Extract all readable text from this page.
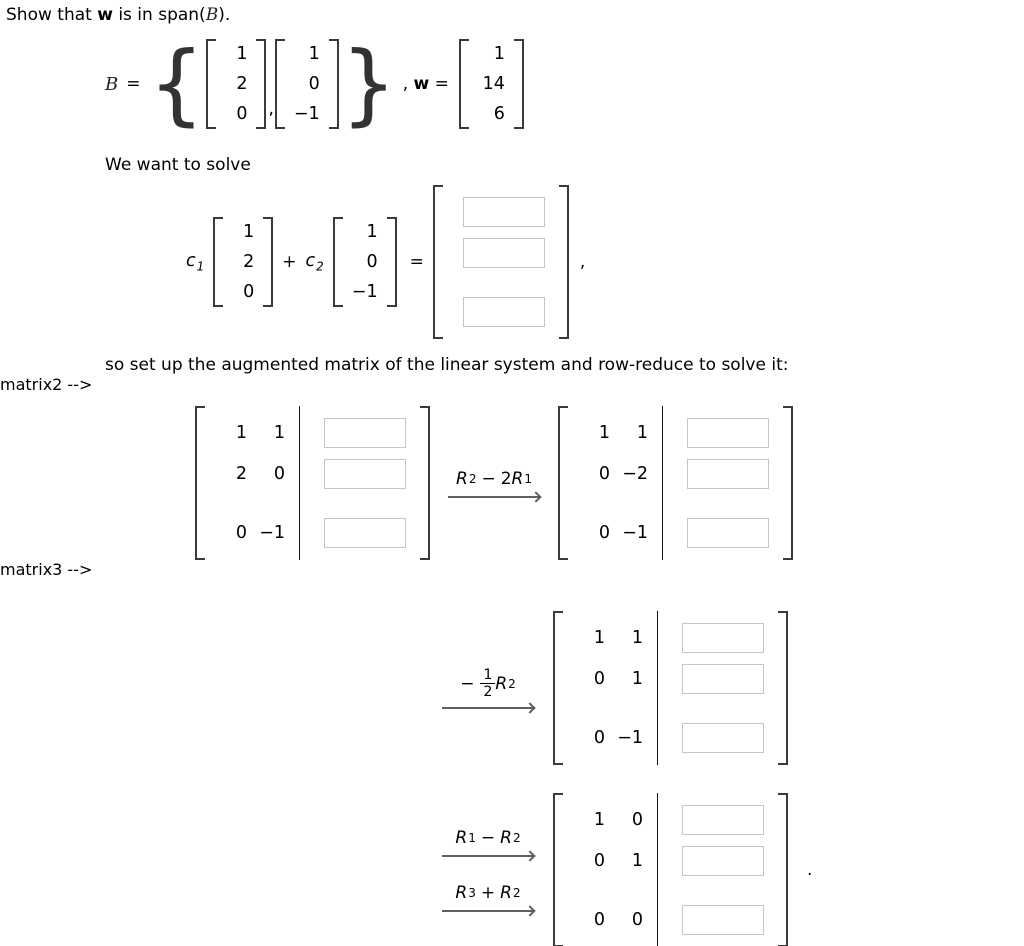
Show that w is in span(B).
B = {	1
2
0 ,
1
0
−1 } , w =
1
14
6
We want to solve
$c_1$
1
2
0
+ $c_2$
1
0
−1
=	,
so set up the augmented matrix of the linear system and row-reduce to solve it:
matrix2 -->
1	1
2	0
0 −1
R 2 − 2 R 1
1	1
0 −2
0 −1
matrix3 -->
− $\frac{1}{2}$ R 2
1	1
0	1
0 −1
R 1 − R 2
R 3 + R 2
1	0
0	1
0	0
.
